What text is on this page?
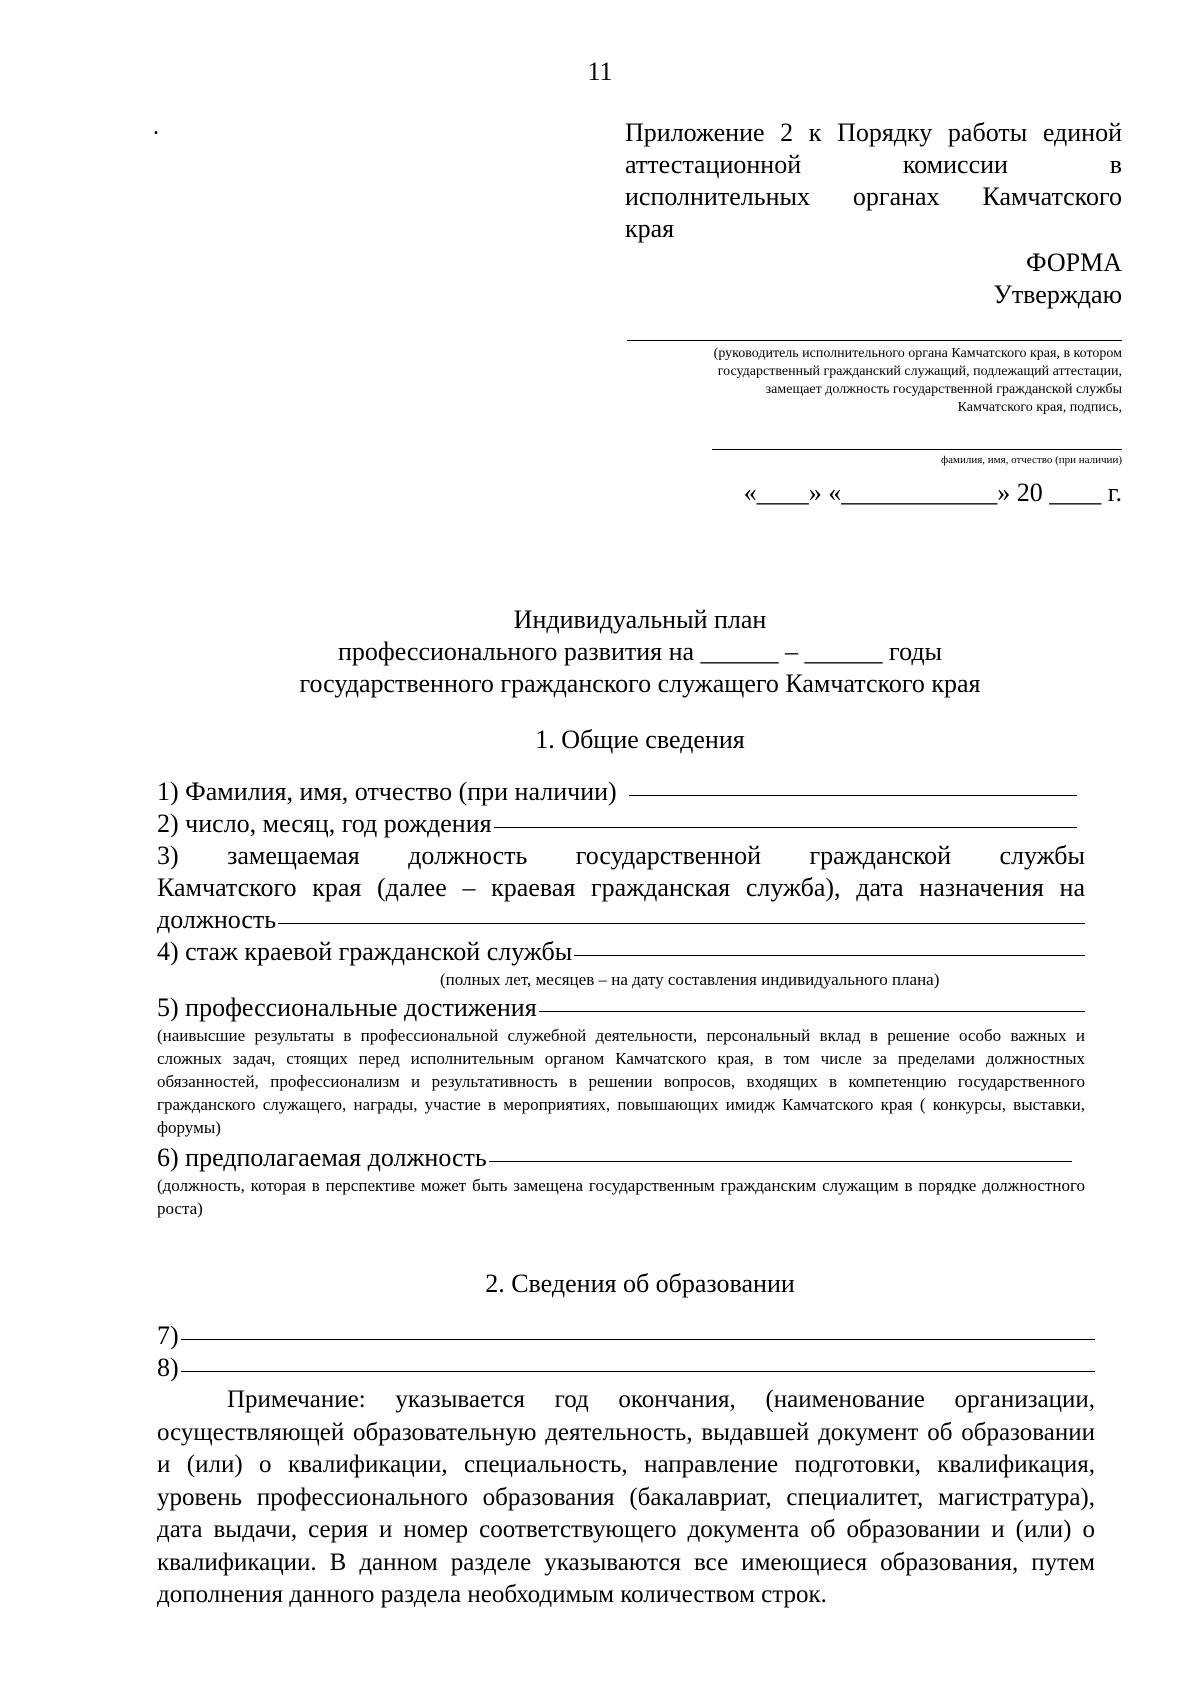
11
.	Приложение 2 к Порядку работы единой
аттестационной комиссии в
исполнительных органах Камчатского
края
ФОРМА
Утверждаю
(руководитель исполнительного органа Камчатского края, в котором
государственный гражданский служащий, подлежащий аттестации,
замещает должность государственной гражданской службы
Камчатского края, подпись,
фамилия, имя, отчество (при наличии)
«____» «____________» 20 ____ г.
Индивидуальный план
профессионального развития на ______ – ______ годы
государственного гражданского служащего Камчатского края
1. Общие сведения
1) Фамилия, имя, отчество (при наличии)
2) число, месяц, год рождения
3) замещаемая должность государственной гражданской службы
Камчатского края (далее – краевая гражданская служба), дата назначения на
должность
4) стаж краевой гражданской службы
(полных лет, месяцев – на дату составления индивидуального плана)
5) профессиональные достижения
(наивысшие результаты в профессиональной служебной деятельности, персональный вклад в решение особо важных и сложных задач, стоящих перед исполнительным органом Камчатского края, в том числе за пределами должностных обязанностей, профессионализм и результативность в решении вопросов, входящих в компетенцию государственного гражданского служащего, награды, участие в мероприятиях, повышающих имидж Камчатского края ( конкурсы, выставки, форумы)
6) предполагаемая должность
(должность, которая в перспективе может быть замещена государственным гражданским служащим в порядке должностного роста)
2. Сведения об образовании
7)
8)
Примечание: указывается год окончания, (наименование организации, осуществляющей образовательную деятельность, выдавшей документ об образовании и (или) о квалификации, специальность, направление подготовки, квалификация, уровень профессионального образования (бакалавриат, специалитет, магистратура), дата выдачи, серия и номер соответствующего документа об образовании и (или) о квалификации. В данном разделе указываются все имеющиеся образования, путем дополнения данного раздела необходимым количеством строк.
